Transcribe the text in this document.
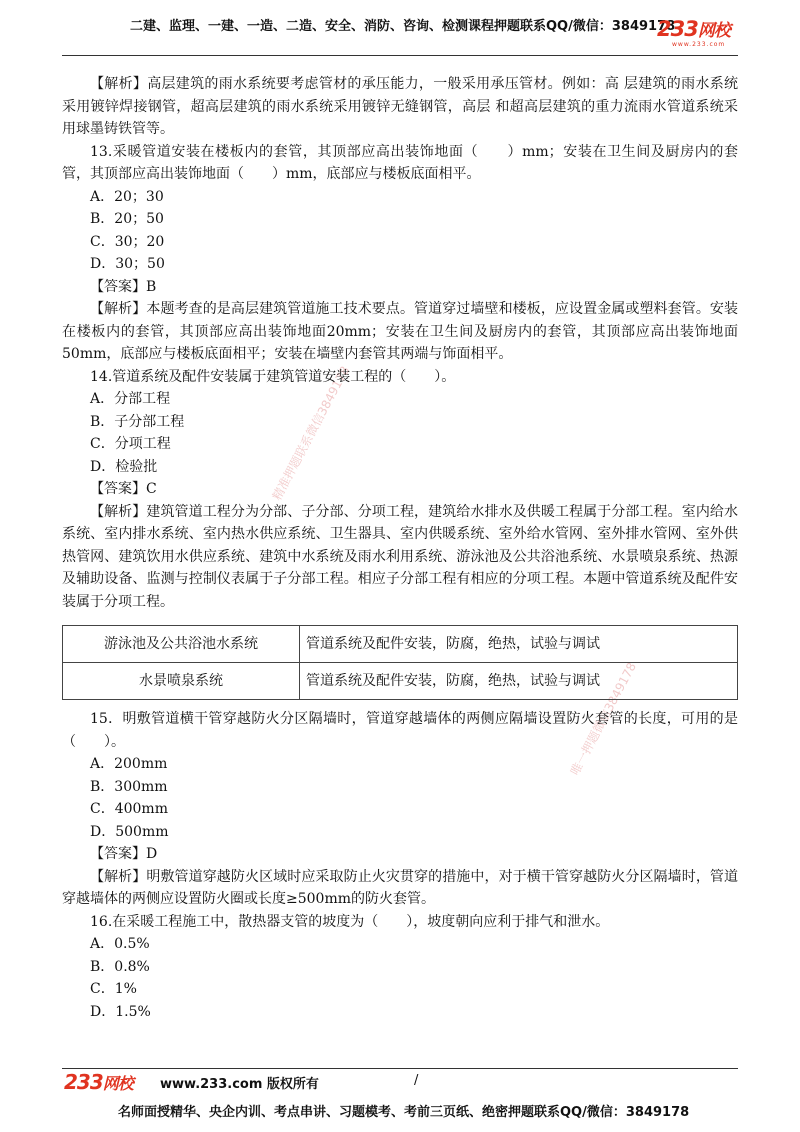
二建、监理、一建、一造、二造、安全、消防、咨询、检测课程押题联系QQ/微信：3849178
233网校
www.233.com
精准押题联系微信3849178
唯一押题微信3849178

【解析】高层建筑的雨水系统要考虑管材的承压能力，一般采用承压管材。例如：高 层建筑的雨水系统采用镀锌焊接钢管，超高层建筑的雨水系统采用镀锌无缝钢管，高层 和超高层建筑的重力流雨水管道系统采用球墨铸铁管等。

13.采暖管道安装在楼板内的套管，其顶部应高出装饰地面（　　）mm；安装在卫生间及厨房内的套管，其顶部应高出装饰地面（　　）mm，底部应与楼板底面相平。

A．20；30

B．20；50

C．30；20

D．30；50

【答案】B

【解析】本题考查的是高层建筑管道施工技术要点。管道穿过墙壁和楼板，应设置金属或塑料套管。安装在楼板内的套管，其顶部应高出装饰地面20mm；安装在卫生间及厨房内的套管，其顶部应高出装饰地面50mm，底部应与楼板底面相平；安装在墙壁内套管其两端与饰面相平。

14.管道系统及配件安装属于建筑管道安装工程的（　　）。

A．分部工程

B．子分部工程

C．分项工程

D．检验批

【答案】C

【解析】建筑管道工程分为分部、子分部、分项工程，建筑给水排水及供暖工程属于分部工程。室内给水系统、室内排水系统、室内热水供应系统、卫生器具、室内供暖系统、室外给水管网、室外排水管网、室外供热管网、建筑饮用水供应系统、建筑中水系统及雨水利用系统、游泳池及公共浴池系统、水景喷泉系统、热源及辅助设备、监测与控制仪表属于子分部工程。相应子分部工程有相应的分项工程。本题中管道系统及配件安装属于分项工程。

游泳池及公共浴池水系统	管道系统及配件安装，防腐，绝热，试验与调试
水景喷泉系统	管道系统及配件安装，防腐，绝热，试验与调试

15．明敷管道横干管穿越防火分区隔墙时，管道穿越墙体的两侧应隔墙设置防火套管的长度，可用的是（　　）。

A．200mm

B．300mm

C．400mm

D．500mm

【答案】D

【解析】明敷管道穿越防火区域时应采取防止火灾贯穿的措施中，对于横干管穿越防火分区隔墙时，管道穿越墙体的两侧应设置防火圈或长度≥500mm的防火套管。

16.在采暖工程施工中，散热器支管的坡度为（　　），坡度朝向应利于排气和泄水。

A．0.5%

B．0.8%

C．1%

D．1.5%

233网校 www.233.com 版权所有	/
名师面授精华、央企内训、考点串讲、习题模考、考前三页纸、绝密押题联系QQ/微信：3849178
